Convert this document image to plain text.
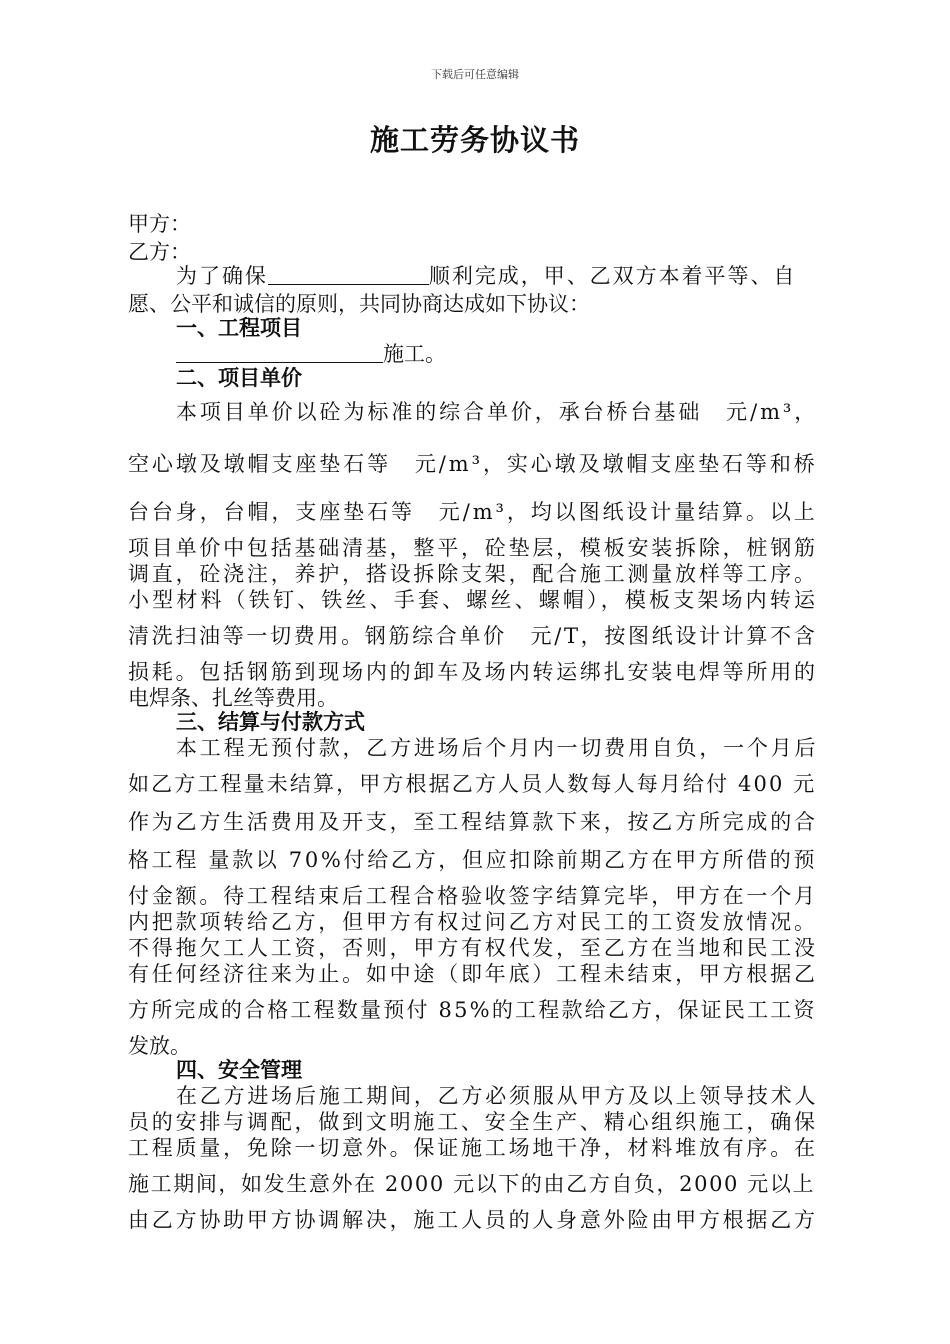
下载后可任意编辑
施工劳务协议书
甲方：
乙方：
为了确保	顺利完成，甲、乙双方本着平等、自
愿、公平和诚信的原则，共同协商达成如下协议：
一、工程项目
施工。
二、项目单价
本项目单价以砼为标准的综合单价，承台桥台基础　元/m³，
空心墩及墩帽支座垫石等　元/m³，实心墩及墩帽支座垫石等和桥
台台身，台帽，支座垫石等　元/m³，均以图纸设计量结算。以上
项目单价中包括基础清基，整平，砼垫层，模板安装拆除，桩钢筋
调直，砼浇注，养护，搭设拆除支架，配合施工测量放样等工序。
小型材料（铁钉、铁丝、手套、螺丝、螺帽），模板支架场内转运
清洗扫油等一切费用。钢筋综合单价　元/T，按图纸设计计算不含
损耗。包括钢筋到现场内的卸车及场内转运绑扎安装电焊等所用的
电焊条、扎丝等费用。
三、结算与付款方式
本工程无预付款，乙方进场后个月内一切费用自负，一个月后
如乙方工程量未结算，甲方根据乙方人员人数每人每月给付 400 元
作为乙方生活费用及开支，至工程结算款下来，按乙方所完成的合
格工程 量款以 70%付给乙方，但应扣除前期乙方在甲方所借的预
付金额。待工程结束后工程合格验收签字结算完毕，甲方在一个月
内把款项转给乙方，但甲方有权过问乙方对民工的工资发放情况。
不得拖欠工人工资，否则，甲方有权代发，至乙方在当地和民工没
有任何经济往来为止。如中途（即年底）工程未结束，甲方根据乙
方所完成的合格工程数量预付 85%的工程款给乙方，保证民工工资
发放。
四、安全管理
在乙方进场后施工期间，乙方必须服从甲方及以上领导技术人
员的安排与调配，做到文明施工、安全生产、精心组织施工，确保
工程质量，免除一切意外。保证施工场地干净，材料堆放有序。在
施工期间，如发生意外在 2000 元以下的由乙方自负，2000 元以上
由乙方协助甲方协调解决，施工人员的人身意外险由甲方根据乙方
